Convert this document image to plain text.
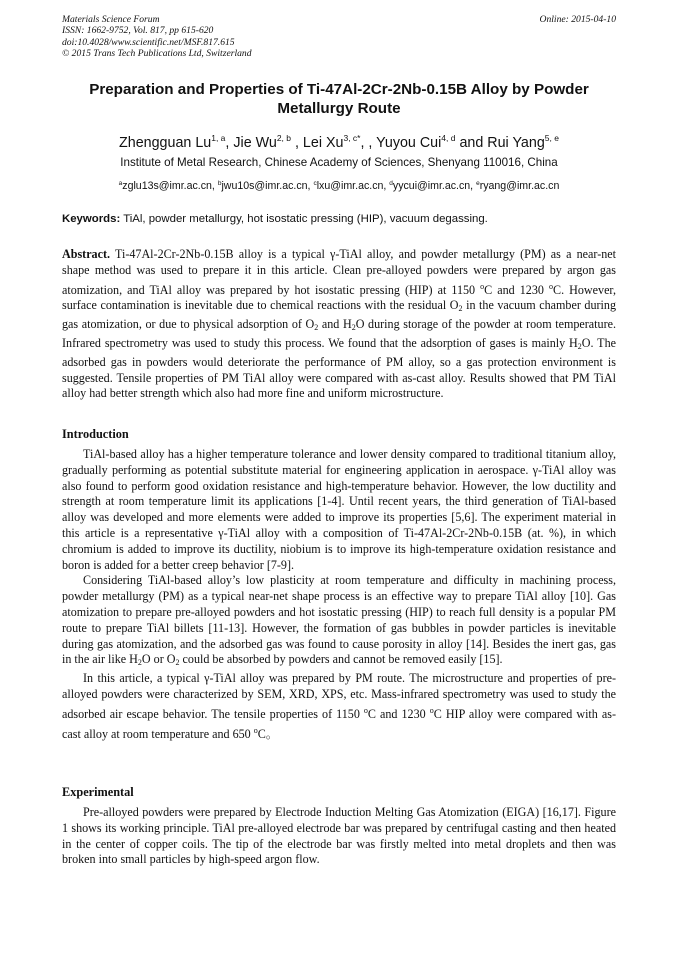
Materials Science Forum
ISSN: 1662-9752, Vol. 817, pp 615-620
doi:10.4028/www.scientific.net/MSF.817.615
© 2015 Trans Tech Publications Ltd, Switzerland
Online: 2015-04-10
Preparation and Properties of Ti-47Al-2Cr-2Nb-0.15B Alloy by Powder
Metallurgy Route
Zhengguan Lu$^{1, a}$, Jie Wu$^{2, b}$ , Lei $Xu^{3, c*}$, , Yuyou Cui$^{4, d}$ and Rui Yang$^{5, e}$
Institute of Metal Research, Chinese Academy of Sciences, Shenyang 110016, China
$^a$zglu13s@imr.ac.cn, $^b$jwu10s@imr.ac.cn, $^c$lxu@imr.ac.cn, $^d$yycui@imr.ac.cn, $^e$ryang@imr.ac.cn
Keywords: TiAl, powder metallurgy, hot isostatic pressing (HIP), vacuum degassing.

Abstract. Ti-47Al-2Cr-2Nb-0.15B alloy is a typical γ-TiAl alloy, and powder metallurgy (PM) as a near-net shape method was used to prepare it in this article. Clean pre-alloyed powders were prepared by argon gas atomization, and TiAl alloy was prepared by hot isostatic pressing (HIP) at 1150 $^o$C and 1230 $^o$C. However, surface contamination is inevitable due to chemical reactions with the residual $O_2$ in the vacuum chamber during gas atomization, or due to physical adsorption of $O_2$ and $H_2O$ during storage of the powder at room temperature. Infrared spectrometry was used to study this process. We found that the adsorption of gases is mainly $H_2O$. The adsorbed gas in powders would deteriorate the performance of PM alloy, so a gas protection environment is suggested. Tensile properties of PM TiAl alloy were compared with as-cast alloy. Results showed that PM TiAl alloy had better strength which also had more fine and uniform microstructure.

Introduction

TiAl-based alloy has a higher temperature tolerance and lower density compared to traditional titanium alloy, gradually performing as potential substitute material for engineering application in aerospace. γ-TiAl alloy was also found to perform good oxidation resistance and high-temperature behavior. However, the low ductility and strength at room temperature limit its applications [1-4]. Until recent years, the third generation of TiAl-based alloy was developed and more elements were added to improve its properties [5,6]. The experiment material in this article is a representative γ-TiAl alloy with a composition of Ti-47Al-2Cr-2Nb-0.15B (at. %), in which chromium is added to improve its ductility, niobium is to improve its high-temperature oxidation resistance and boron is added for a better creep behavior [7-9].

Considering TiAl-based alloy’s low plasticity at room temperature and difficulty in machining process, powder metallurgy (PM) as a typical near-net shape process is an effective way to prepare TiAl alloy [10]. Gas atomization to prepare pre-alloyed powders and hot isostatic pressing (HIP) to reach full density is a popular PM route to prepare TiAl billets [11-13]. However, the formation of gas bubbles in powder particles is inevitable during gas atomization, and the adsorbed gas was found to cause porosity in alloy [14]. Besides the inert gas, gas in the air like $H_2O$ or $O_2$ could be absorbed by powders and cannot be removed easily [15].

In this article, a typical γ-TiAl alloy was prepared by PM route. The microstructure and properties of pre-alloyed powders were characterized by SEM, XRD, XPS, etc. Mass-infrared spectrometry was used to study the adsorbed air escape behavior. The tensile properties of 1150 $^o$C and 1230 $^o$C HIP alloy were compared with as-cast alloy at room temperature and 650 $^o$C。

Experimental

Pre-alloyed powders were prepared by Electrode Induction Melting Gas Atomization (EIGA) [16,17]. Figure 1 shows its working principle. TiAl pre-alloyed electrode bar was prepared by centrifugal casting and then heated in the center of copper coils. The tip of the electrode bar was firstly melted into metal droplets and then was broken into small particles by high-speed argon flow.
